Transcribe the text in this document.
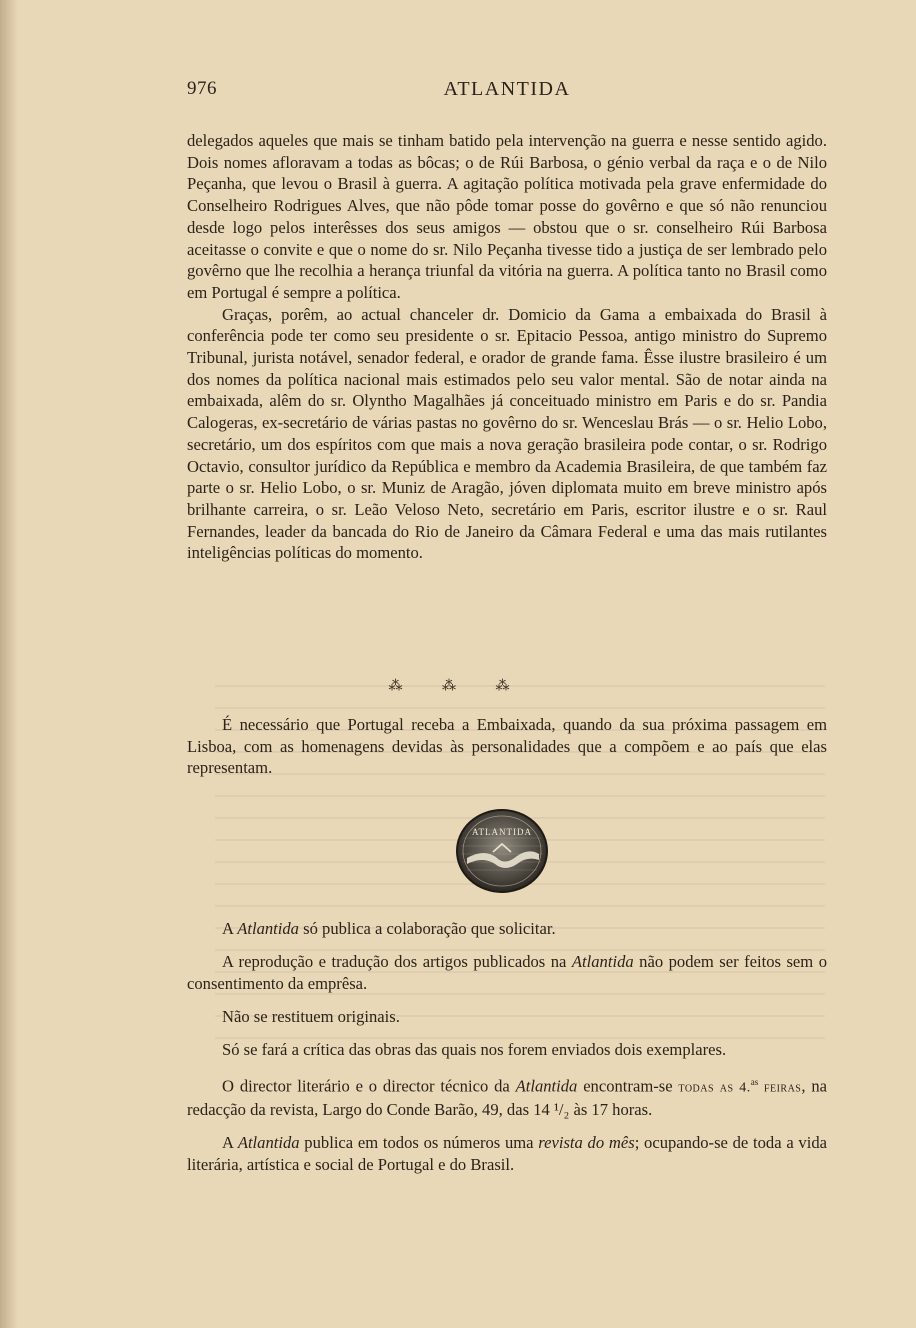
976	ATLANTIDA

delegados aqueles que mais se tinham batido pela intervenção na guerra e nesse sentido agido. Dois nomes afloravam a todas as bôcas; o de Rúi Barbosa, o génio verbal da raça e o de Nilo Peçanha, que levou o Brasil à guerra. A agitação política motivada pela grave enfermidade do Conselheiro Rodrigues Alves, que não pôde tomar posse do govêrno e que só não renunciou desde logo pelos interêsses dos seus amigos — obstou que o sr. conselheiro Rúi Barbosa aceitasse o convite e que o nome do sr. Nilo Peçanha tivesse tido a justiça de ser lembrado pelo govêrno que lhe recolhia a herança triunfal da vitória na guerra. A política tanto no Brasil como em Portugal é sempre a política.

Graças, porêm, ao actual chanceler dr. Domicio da Gama a embaixada do Brasil à conferência pode ter como seu presidente o sr. Epitacio Pessoa, antigo ministro do Supremo Tribunal, jurista notável, senador federal, e orador de grande fama. Êsse ilustre brasileiro é um dos nomes da política nacional mais estimados pelo seu valor mental. São de notar ainda na embaixada, alêm do sr. Olyntho Magalhães já conceituado ministro em Paris e do sr. Pandia Calogeras, ex-secretário de várias pastas no govêrno do sr. Wenceslau Brás — o sr. Helio Lobo, secretário, um dos espíritos com que mais a nova geração brasileira pode contar, o sr. Rodrigo Octavio, consultor jurídico da República e membro da Academia Brasileira, de que também faz parte o sr. Helio Lobo, o sr. Muniz de Aragão, jóven diplomata muito em breve ministro após brilhante carreira, o sr. Leão Veloso Neto, secretário em Paris, escritor ilustre e o sr. Raul Fernandes, leader da bancada do Rio de Janeiro da Câmara Federal e uma das mais rutilantes inteligências políticas do momento.

⁂ ⁂ ⁂

É necessário que Portugal receba a Embaixada, quando da sua próxima passagem em Lisboa, com as homenagens devidas às personalidades que a compõem e ao país que elas representam.

ATLANTIDA

A Atlantida só publica a colaboração que solicitar.

A reprodução e tradução dos artigos publicados na Atlantida não podem ser feitos sem o consentimento da emprêsa.

Não se restituem originais.

Só se fará a crítica das obras das quais nos forem enviados dois exemplares.

O director literário e o director técnico da Atlantida encontram-se todas as 4.$^{as}$ feiras, na redacção da revista, Largo do Conde Barão, 49, das 14 ¹/₂ às 17 horas.

A Atlantida publica em todos os números uma revista do mês; ocupando-se de toda a vida literária, artística e social de Portugal e do Brasil.
